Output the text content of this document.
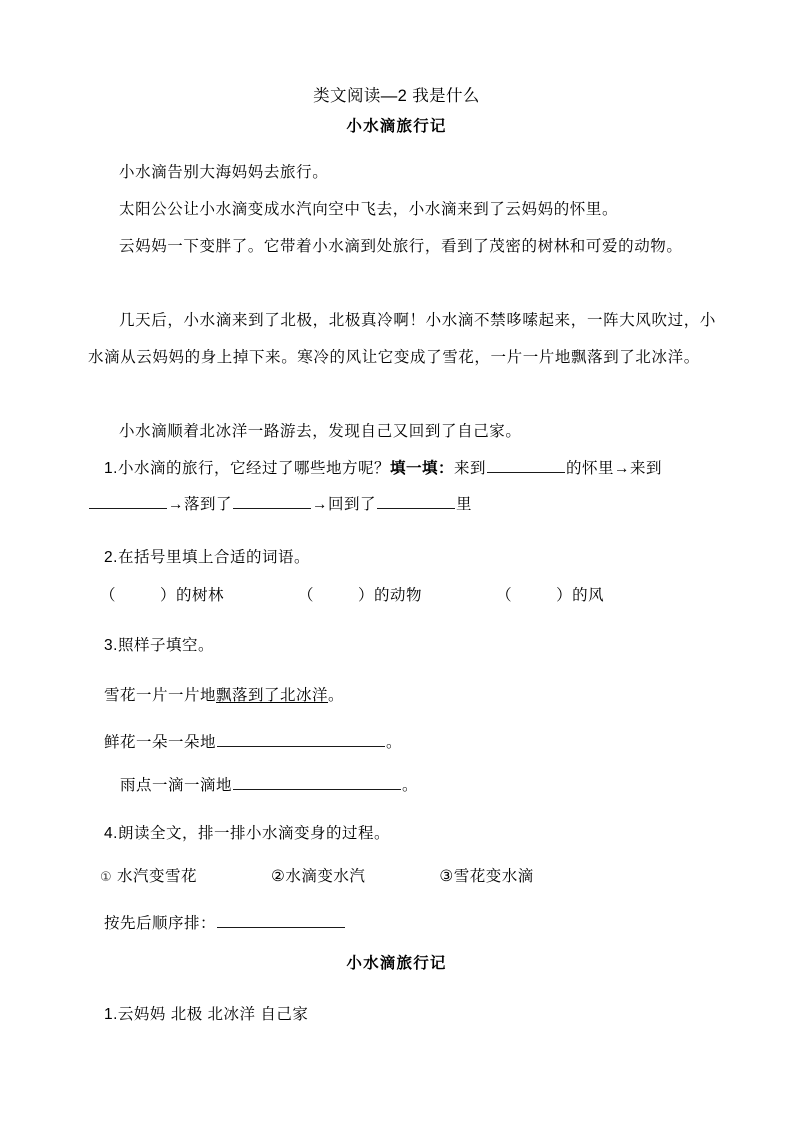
类文阅读—2 我是什么
小水滴旅行记
小水滴告别大海妈妈去旅行。
太阳公公让小水滴变成水汽向空中飞去，小水滴来到了云妈妈的怀里。
云妈妈一下变胖了。它带着小水滴到处旅行，看到了茂密的树林和可爱的动物。
几天后，小水滴来到了北极，北极真冷啊！小水滴不禁哆嗦起来，一阵大风吹过，小水滴从云妈妈的身上掉下来。寒冷的风让它变成了雪花，一片一片地飘落到了北冰洋。
小水滴顺着北冰洋一路游去，发现自己又回到了自己家。
1.小水滴的旅行，它经过了哪些地方呢？填一填：来到	的怀里→来到→落到了	→回到了	里
2.在括号里填上合适的词语。
（	）的树林	（	）的动物	（	）的风
3.照样子填空。
雪花一片一片地飘落到了北冰洋。
鲜花一朵一朵地	。
雨点一滴一滴地	。
4.朗读全文，排一排小水滴变身的过程。
① 水汽变雪花	②水滴变水汽	③雪花变水滴
按先后顺序排：
小水滴旅行记
1.云妈妈 北极 北冰洋 自己家
